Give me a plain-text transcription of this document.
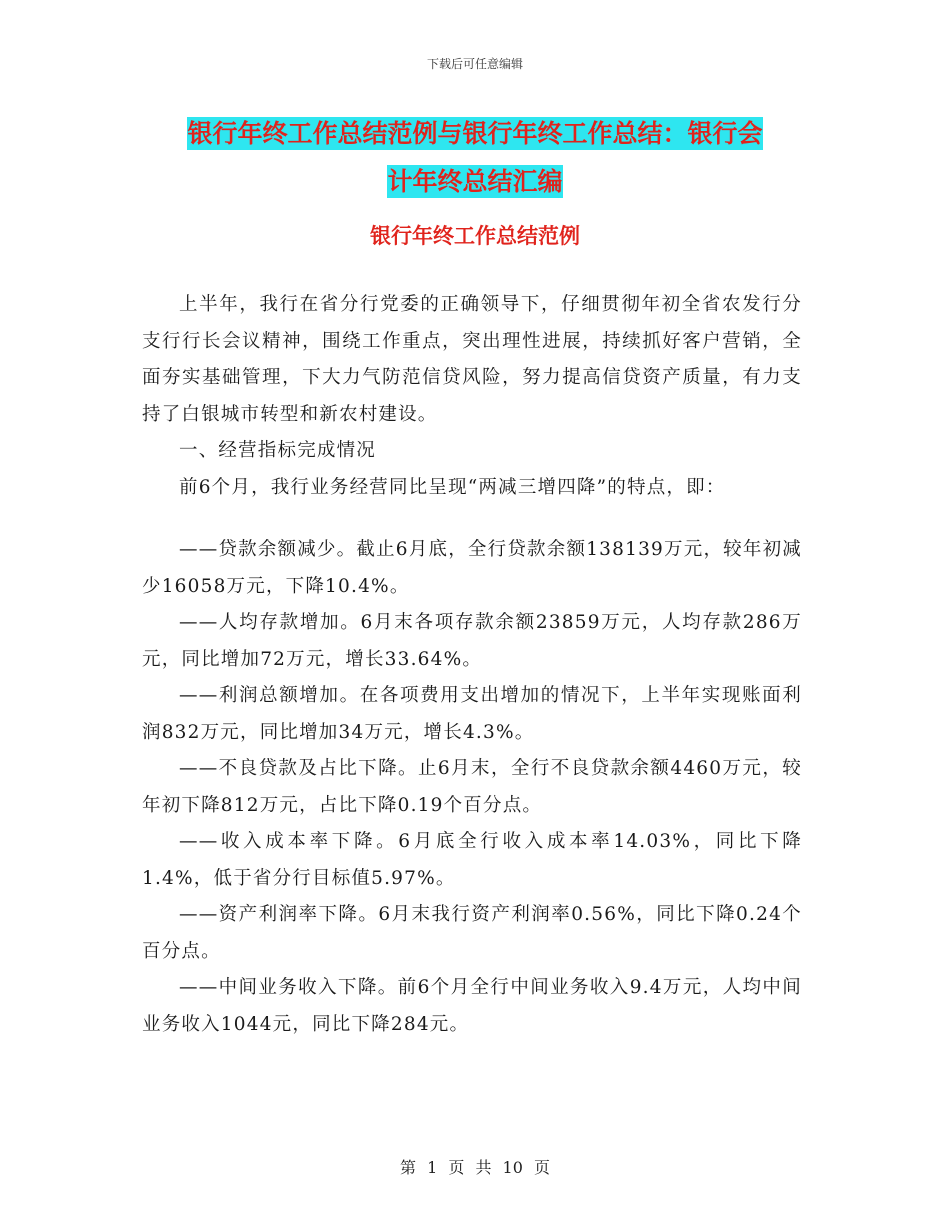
下载后可任意编辑
银行年终工作总结范例与银行年终工作总结：银行会
计年终总结汇编
银行年终工作总结范例

上半年，我行在省分行党委的正确领导下，仔细贯彻年初全省农发行分支行行长会议精神，围绕工作重点，突出理性进展，持续抓好客户营销，全面夯实基础管理，下大力气防范信贷风险，努力提高信贷资产质量，有力支持了白银城市转型和新农村建设。

一、经营指标完成情况

前6个月，我行业务经营同比呈现“两减三增四降”的特点，即：

——贷款余额减少。截止6月底，全行贷款余额138139万元，较年初减少16058万元，下降10.4%。

——人均存款增加。6月末各项存款余额23859万元，人均存款286万元，同比增加72万元，增长33.64%。

——利润总额增加。在各项费用支出增加的情况下，上半年实现账面利润832万元，同比增加34万元，增长4.3%。

——不良贷款及占比下降。止6月末，全行不良贷款余额4460万元，较年初下降812万元，占比下降0.19个百分点。

——收入成本率下降。6月底全行收入成本率14.03%，同比下降1.4%，低于省分行目标值5.97%。

——资产利润率下降。6月末我行资产利润率0.56%，同比下降0.24个百分点。

——中间业务收入下降。前6个月全行中间业务收入9.4万元，人均中间业务收入1044元，同比下降284元。

第 1 页 共 10 页
